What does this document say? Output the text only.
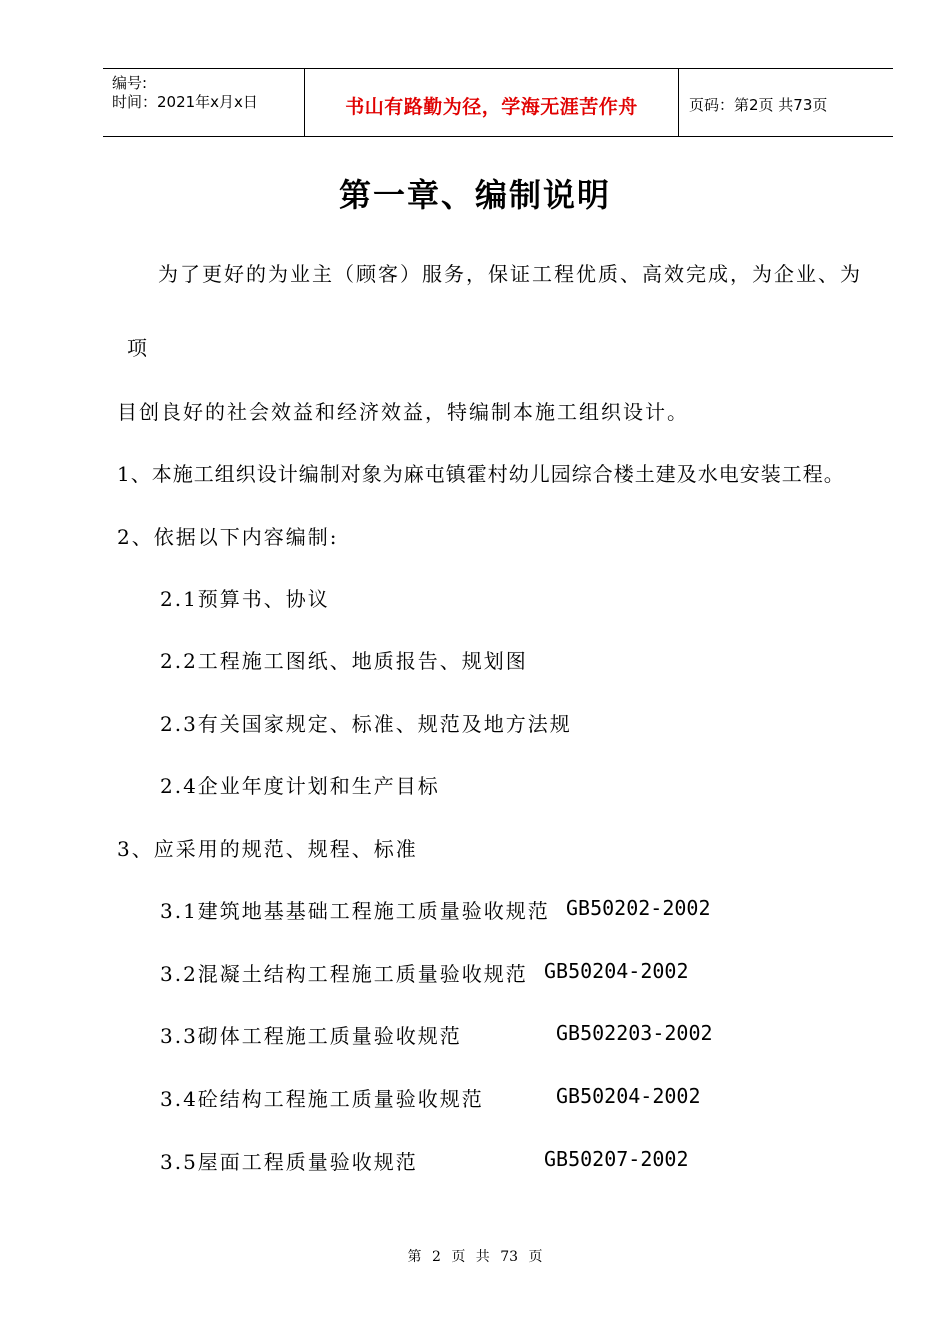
编号:
时间：2021年x月x日	书山有路勤为径，学海无涯苦作舟	页码：第2页 共73页
第一章、编制说明
为了更好的为业主（顾客）服务，保证工程优质、高效完成，为企业、为
项
目创良好的社会效益和经济效益，特编制本施工组织设计。
1、本施工组织设计编制对象为麻屯镇霍村幼儿园综合楼土建及水电安装工程。
2、依据以下内容编制:
2.1预算书、协议
2.2工程施工图纸、地质报告、规划图
2.3有关国家规定、标准、规范及地方法规
2.4企业年度计划和生产目标
3、应采用的规范、规程、标准
3.1建筑地基基础工程施工质量验收规范 GB50202-2002
3.2混凝土结构工程施工质量验收规范 GB50204-2002
3.3砌体工程施工质量验收规范	GB502203-2002
3.4砼结构工程施工质量验收规范	GB50204-2002
3.5屋面工程质量验收规范	GB50207-2002
第 2 页 共 73 页
